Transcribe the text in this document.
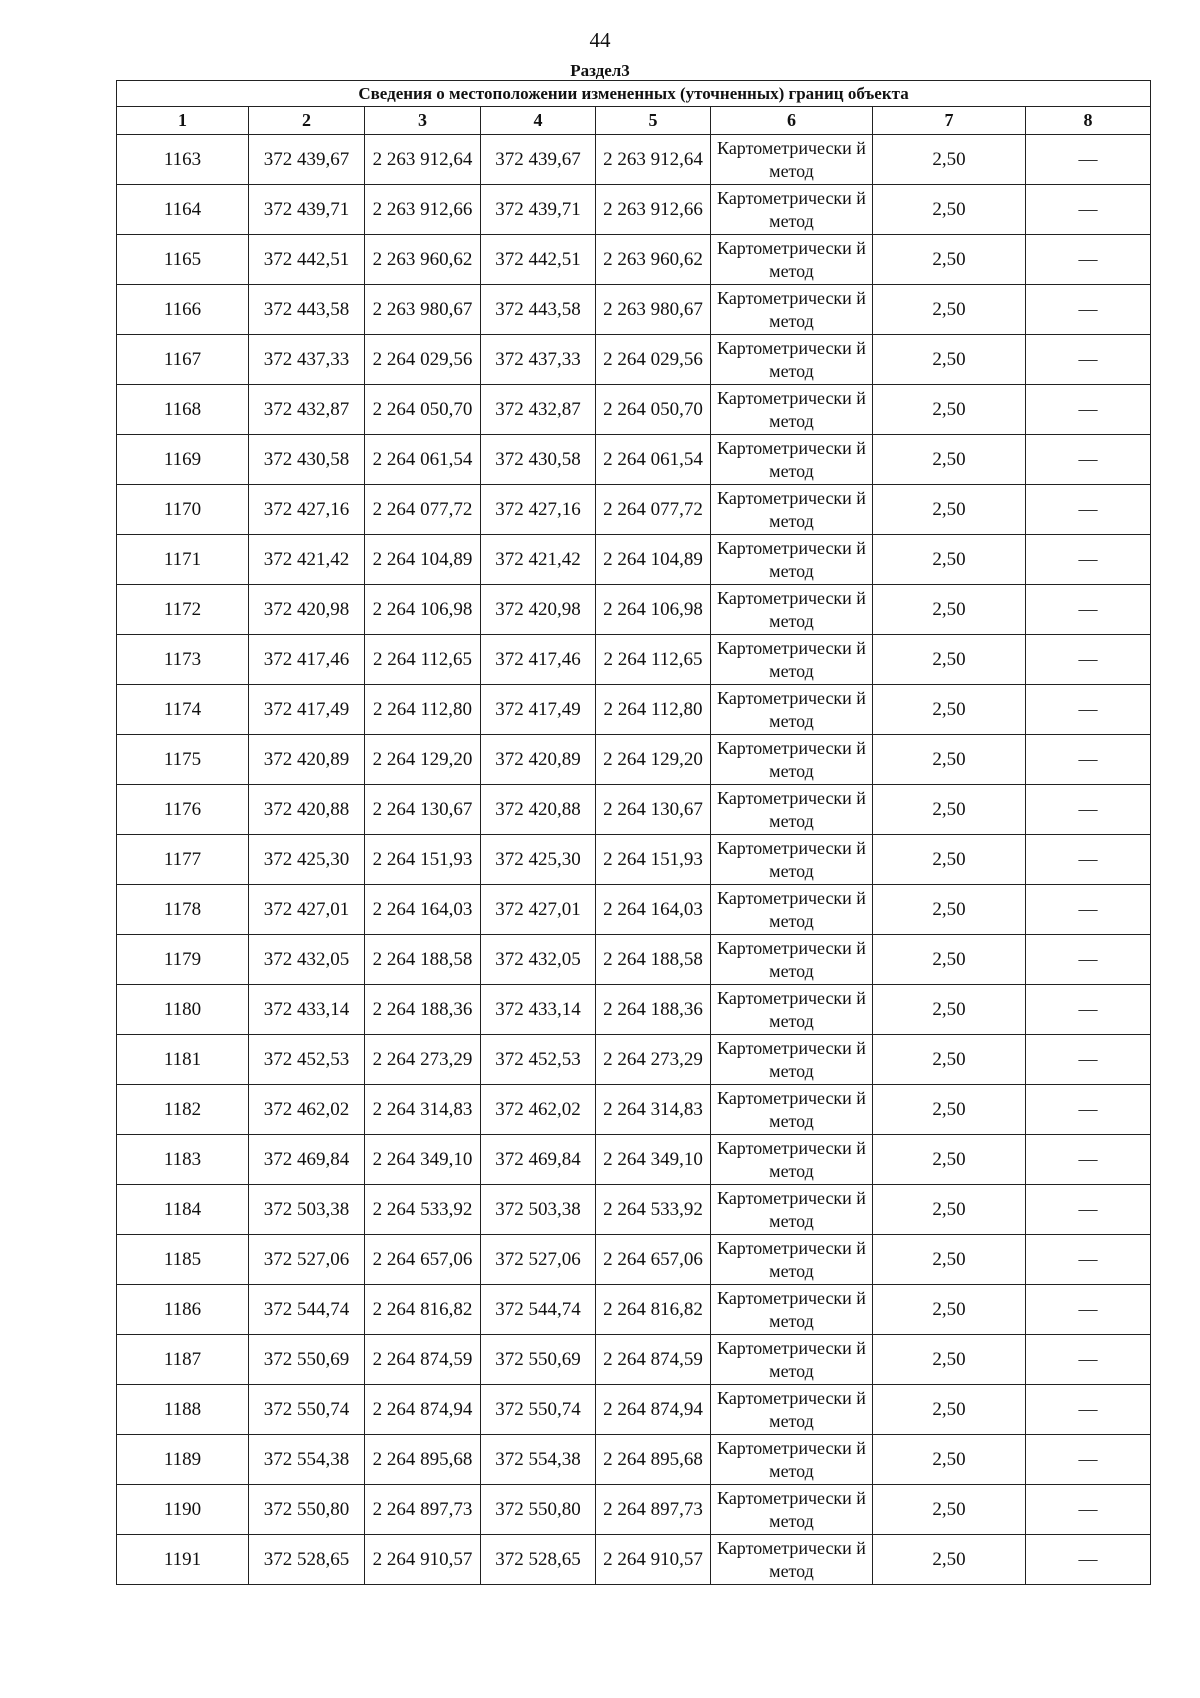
44
Раздел3
Сведения о местоположении измененных (уточненных) границ объекта							
1	2	3	4	5	6	7	8
1163	372 439,67	2 263 912,64	372 439,67	2 263 912,64	Картометрически й метод	2,50	—
1164	372 439,71	2 263 912,66	372 439,71	2 263 912,66	Картометрически й метод	2,50	—
1165	372 442,51	2 263 960,62	372 442,51	2 263 960,62	Картометрически й метод	2,50	—
1166	372 443,58	2 263 980,67	372 443,58	2 263 980,67	Картометрически й метод	2,50	—
1167	372 437,33	2 264 029,56	372 437,33	2 264 029,56	Картометрически й метод	2,50	—
1168	372 432,87	2 264 050,70	372 432,87	2 264 050,70	Картометрически й метод	2,50	—
1169	372 430,58	2 264 061,54	372 430,58	2 264 061,54	Картометрически й метод	2,50	—
1170	372 427,16	2 264 077,72	372 427,16	2 264 077,72	Картометрически й метод	2,50	—
1171	372 421,42	2 264 104,89	372 421,42	2 264 104,89	Картометрически й метод	2,50	—
1172	372 420,98	2 264 106,98	372 420,98	2 264 106,98	Картометрически й метод	2,50	—
1173	372 417,46	2 264 112,65	372 417,46	2 264 112,65	Картометрически й метод	2,50	—
1174	372 417,49	2 264 112,80	372 417,49	2 264 112,80	Картометрически й метод	2,50	—
1175	372 420,89	2 264 129,20	372 420,89	2 264 129,20	Картометрически й метод	2,50	—
1176	372 420,88	2 264 130,67	372 420,88	2 264 130,67	Картометрически й метод	2,50	—
1177	372 425,30	2 264 151,93	372 425,30	2 264 151,93	Картометрически й метод	2,50	—
1178	372 427,01	2 264 164,03	372 427,01	2 264 164,03	Картометрически й метод	2,50	—
1179	372 432,05	2 264 188,58	372 432,05	2 264 188,58	Картометрически й метод	2,50	—
1180	372 433,14	2 264 188,36	372 433,14	2 264 188,36	Картометрически й метод	2,50	—
1181	372 452,53	2 264 273,29	372 452,53	2 264 273,29	Картометрически й метод	2,50	—
1182	372 462,02	2 264 314,83	372 462,02	2 264 314,83	Картометрически й метод	2,50	—
1183	372 469,84	2 264 349,10	372 469,84	2 264 349,10	Картометрически й метод	2,50	—
1184	372 503,38	2 264 533,92	372 503,38	2 264 533,92	Картометрически й метод	2,50	—
1185	372 527,06	2 264 657,06	372 527,06	2 264 657,06	Картометрически й метод	2,50	—
1186	372 544,74	2 264 816,82	372 544,74	2 264 816,82	Картометрически й метод	2,50	—
1187	372 550,69	2 264 874,59	372 550,69	2 264 874,59	Картометрически й метод	2,50	—
1188	372 550,74	2 264 874,94	372 550,74	2 264 874,94	Картометрически й метод	2,50	—
1189	372 554,38	2 264 895,68	372 554,38	2 264 895,68	Картометрически й метод	2,50	—
1190	372 550,80	2 264 897,73	372 550,80	2 264 897,73	Картометрически й метод	2,50	—
1191	372 528,65	2 264 910,57	372 528,65	2 264 910,57	Картометрически й метод	2,50	—
